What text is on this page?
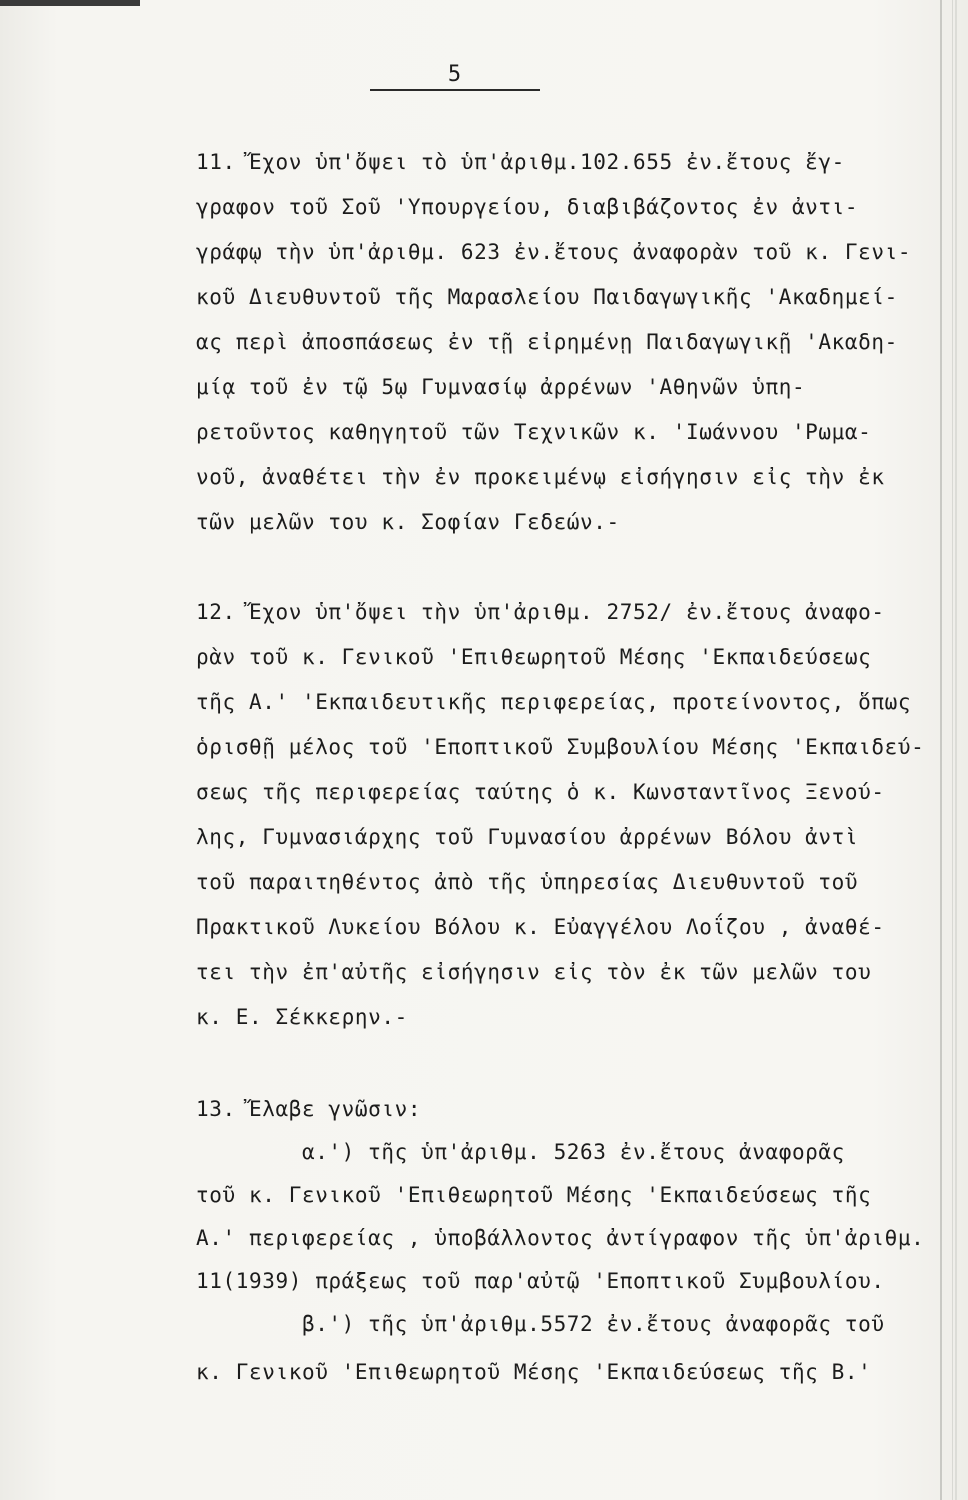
5
11. Ἔχον ὑπ'ὄψει τὸ ὑπ'ἀριθμ.102.655 ἐν.ἔτους ἔγ-
γραφον τοῦ Σοῦ 'Υπουργείου, διαβιβάζοντος ἐν ἀντι-
γράφῳ τὴν ὑπ'ἀριθμ. 623 ἐν.ἔτους ἀναφορὰν τοῦ κ. Γενι-
κοῦ Διευθυντοῦ τῆς Μαρασλείου Παιδαγωγικῆς 'Ακαδημεί-
ας περὶ ἀποσπάσεως ἐν τῇ εἰρημένῃ Παιδαγωγικῇ 'Ακαδη-
μίᾳ τοῦ ἐν τῷ 5ῳ Γυμνασίῳ ἀρρένων 'Αθηνῶν ὑπη-
ρετοῦντος καθηγητοῦ τῶν Τεχνικῶν κ. 'Ιωάννου 'Ρωμα-
νοῦ, ἀναθέτει τὴν ἐν προκειμένῳ εἰσήγησιν εἰς τὴν ἐκ
τῶν μελῶν του κ. Σοφίαν Γεδεών.-
12. Ἔχον ὑπ'ὄψει τὴν ὑπ'ἀριθμ. 2752/ ἐν.ἔτους ἀναφο-
ρὰν τοῦ κ. Γενικοῦ 'Επιθεωρητοῦ Μέσης 'Εκπαιδεύσεως
τῆς Α.' 'Εκπαιδευτικῆς περιφερείας, προτείνοντος, ὅπως
ὁρισθῇ μέλος τοῦ 'Εποπτικοῦ Συμβουλίου Μέσης 'Εκπαιδεύ-
σεως τῆς περιφερείας ταύτης ὁ κ. Κωνσταντῖνος Ξενού-
λης, Γυμνασιάρχης τοῦ Γυμνασίου ἀρρένων Βόλου ἀντὶ
τοῦ παραιτηθέντος ἀπὸ τῆς ὑπηρεσίας Διευθυντοῦ τοῦ
Πρακτικοῦ Λυκείου Βόλου κ. Εὐαγγέλου Λοΐζου , ἀναθέ-
τει τὴν ἐπ'αὐτῆς εἰσήγησιν εἰς τὸν ἐκ τῶν μελῶν του
κ. Ε. Σέκκερην.-
13. Ἔλαβε γνῶσιν:
α.') τῆς ὑπ'ἀριθμ. 5263 ἐν.ἔτους ἀναφορᾶς
τοῦ κ. Γενικοῦ 'Επιθεωρητοῦ Μέσης 'Εκπαιδεύσεως τῆς
Α.' περιφερείας , ὑποβάλλοντος ἀντίγραφον τῆς ὑπ'ἀριθμ.
11(1939) πράξεως τοῦ παρ'αὐτῷ 'Εποπτικοῦ Συμβουλίου.
β.') τῆς ὑπ'ἀριθμ.5572 ἐν.ἔτους ἀναφορᾶς τοῦ
κ. Γενικοῦ 'Επιθεωρητοῦ Μέσης 'Εκπαιδεύσεως τῆς Β.'
